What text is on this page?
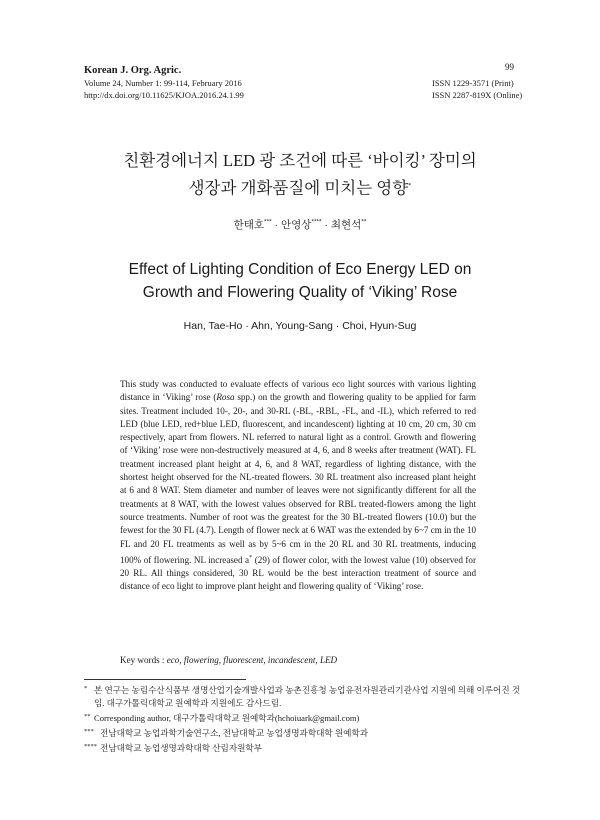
99
Korean J. Org. Agric.
Volume 24, Number 1: 99-114, February 2016
http://dx.doi.org/10.11625/KJOA.2016.24.1.99
ISSN 1229-3571 (Print)
ISSN 2287-819X (Online)
친환경에너지 LED 광 조건에 따른 ‘바이킹’ 장미의
생장과 개화품질에 미치는 영향*
한태호*** · 안영상**** · 최현석**
Effect of Lighting Condition of Eco Energy LED on
Growth and Flowering Quality of ‘Viking’ Rose
Han, Tae-Ho · Ahn, Young-Sang · Choi, Hyun-Sug
This study was conducted to evaluate effects of various eco light sources with various lighting distance in ‘Viking’ rose (Rosa spp.) on the growth and flowering quality to be applied for farm sites. Treatment included 10-, 20-, and 30-RL (-BL, -RBL, -FL, and -IL), which referred to red LED (blue LED, red+blue LED, fluorescent, and incandescent) lighting at 10 cm, 20 cm, 30 cm respectively, apart from flowers. NL referred to natural light as a control. Growth and flowering of ‘Viking’ rose were non-destructively measured at 4, 6, and 8 weeks after treatment (WAT). FL treatment increased plant height at 4, 6, and 8 WAT, regardless of lighting distance, with the shortest height observed for the NL-treated flowers. 30 RL treatment also increased plant height at 6 and 8 WAT. Stem diameter and number of leaves were not significantly different for all the treatments at 8 WAT, with the lowest values observed for RBL treated-flowers among the light source treatments. Number of root was the greatest for the 30 BL-treated flowers (10.0) but the fewest for the 30 FL (4.7). Length of flower neck at 6 WAT was the extended by 6~7 cm in the 10 FL and 20 FL treatments as well as by 5~6 cm in the 20 RL and 30 RL treatments, inducing 100% of flowering. NL increased a* (29) of flower color, with the lowest value (10) observed for 20 RL. All things considered, 30 RL would be the best interaction treatment of source and distance of eco light to improve plant height and flowering quality of ‘Viking’ rose.
Key words : eco, flowering, fluorescent, incandescent, LED
* 본 연구는 농림수산식품부 생명산업기술개발사업과 농촌진흥청 농업유전자원관리기관사업 지원에 의해 이루어진 것임. 대구가톨릭대학교 원예학과 지원에도 감사드림.
** Corresponding author, 대구가톨릭대학교 원예학과(hchoiuark@gmail.com)
*** 전남대학교 농업과학기술연구소, 전남대학교 농업생명과학대학 원예학과
**** 전남대학교 농업생명과학대학 산림자원학부
